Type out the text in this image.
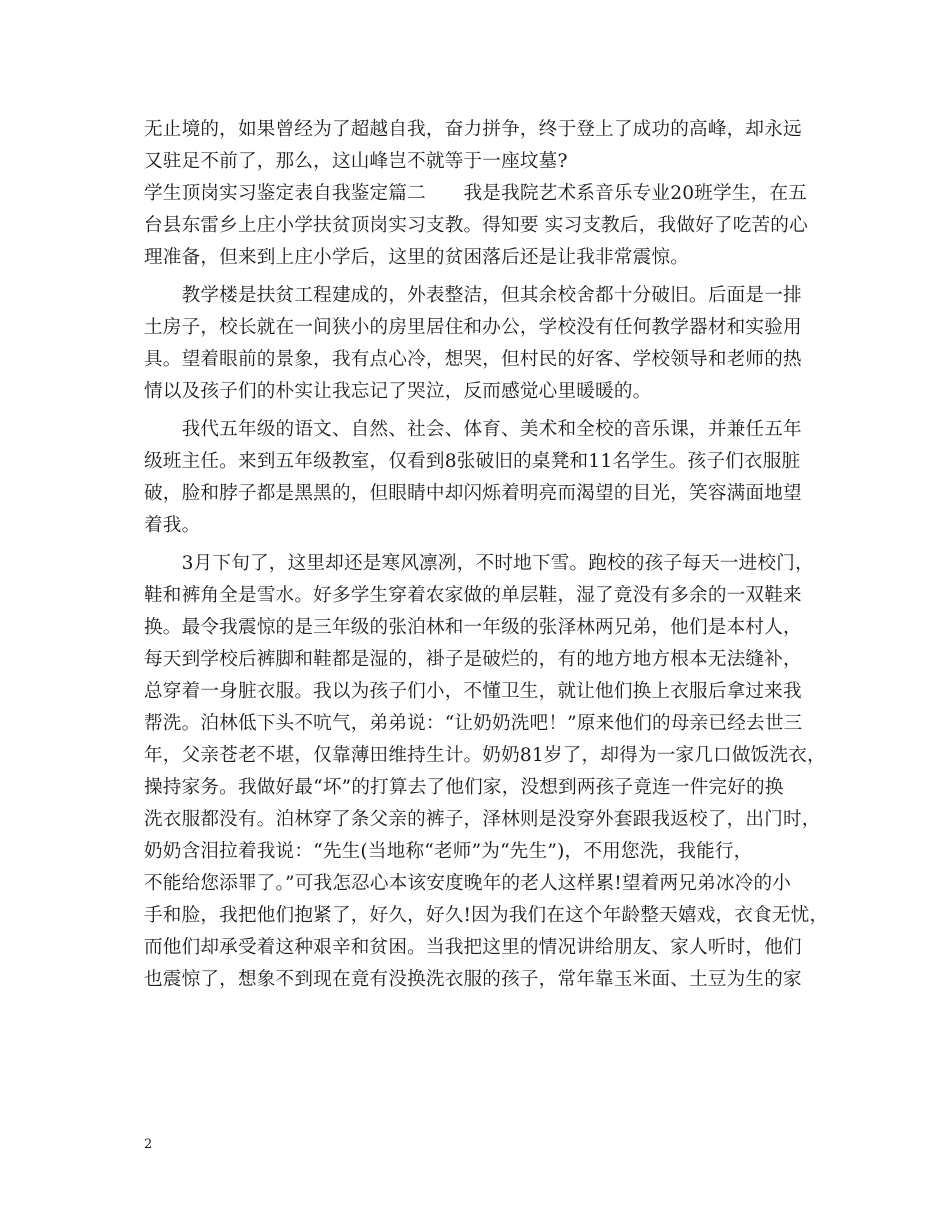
无止境的，如果曾经为了超越自我，奋力拼争，终于登上了成功的高峰，却永远
又驻足不前了，那么，这山峰岂不就等于一座坟墓?
学生顶岗实习鉴定表自我鉴定篇二　　我是我院艺术系音乐专业20班学生，在五
台县东雷乡上庄小学扶贫顶岗实习支教。得知要 实习支教后，我做好了吃苦的心
理准备，但来到上庄小学后，这里的贫困落后还是让我非常震惊。
　　教学楼是扶贫工程建成的，外表整洁，但其余校舍都十分破旧。后面是一排
土房子，校长就在一间狭小的房里居住和办公，学校没有任何教学器材和实验用
具。望着眼前的景象，我有点心冷，想哭，但村民的好客、学校领导和老师的热
情以及孩子们的朴实让我忘记了哭泣，反而感觉心里暖暖的。
　　我代五年级的语文、自然、社会、体育、美术和全校的音乐课，并兼任五年
级班主任。来到五年级教室，仅看到8张破旧的桌凳和11名学生。孩子们衣服脏
破，脸和脖子都是黑黑的，但眼睛中却闪烁着明亮而渴望的目光，笑容满面地望
着我。
　　3月下旬了，这里却还是寒风凛冽，不时地下雪。跑校的孩子每天一进校门，
鞋和裤角全是雪水。好多学生穿着农家做的单层鞋，湿了竟没有多余的一双鞋来
换。最令我震惊的是三年级的张泊林和一年级的张泽林两兄弟，他们是本村人，
每天到学校后裤脚和鞋都是湿的，褂子是破烂的，有的地方地方根本无法缝补，
总穿着一身脏衣服。我以为孩子们小，不懂卫生，就让他们换上衣服后拿过来我
帮洗。泊林低下头不吭气，弟弟说：“让奶奶洗吧！”原来他们的母亲已经去世三
年，父亲苍老不堪，仅靠薄田维持生计。奶奶81岁了，却得为一家几口做饭洗衣，
操持家务。我做好最“坏”的打算去了他们家，没想到两孩子竟连一件完好的换
洗衣服都没有。泊林穿了条父亲的裤子，泽林则是没穿外套跟我返校了，出门时，
奶奶含泪拉着我说：“先生(当地称“老师”为“先生”)，不用您洗，我能行，
不能给您添罪了。”可我怎忍心本该安度晚年的老人这样累!望着两兄弟冰冷的小
手和脸，我把他们抱紧了，好久，好久!因为我们在这个年龄整天嬉戏，衣食无忧，
而他们却承受着这种艰辛和贫困。当我把这里的情况讲给朋友、家人听时，他们
也震惊了，想象不到现在竟有没换洗衣服的孩子，常年靠玉米面、土豆为生的家
2
